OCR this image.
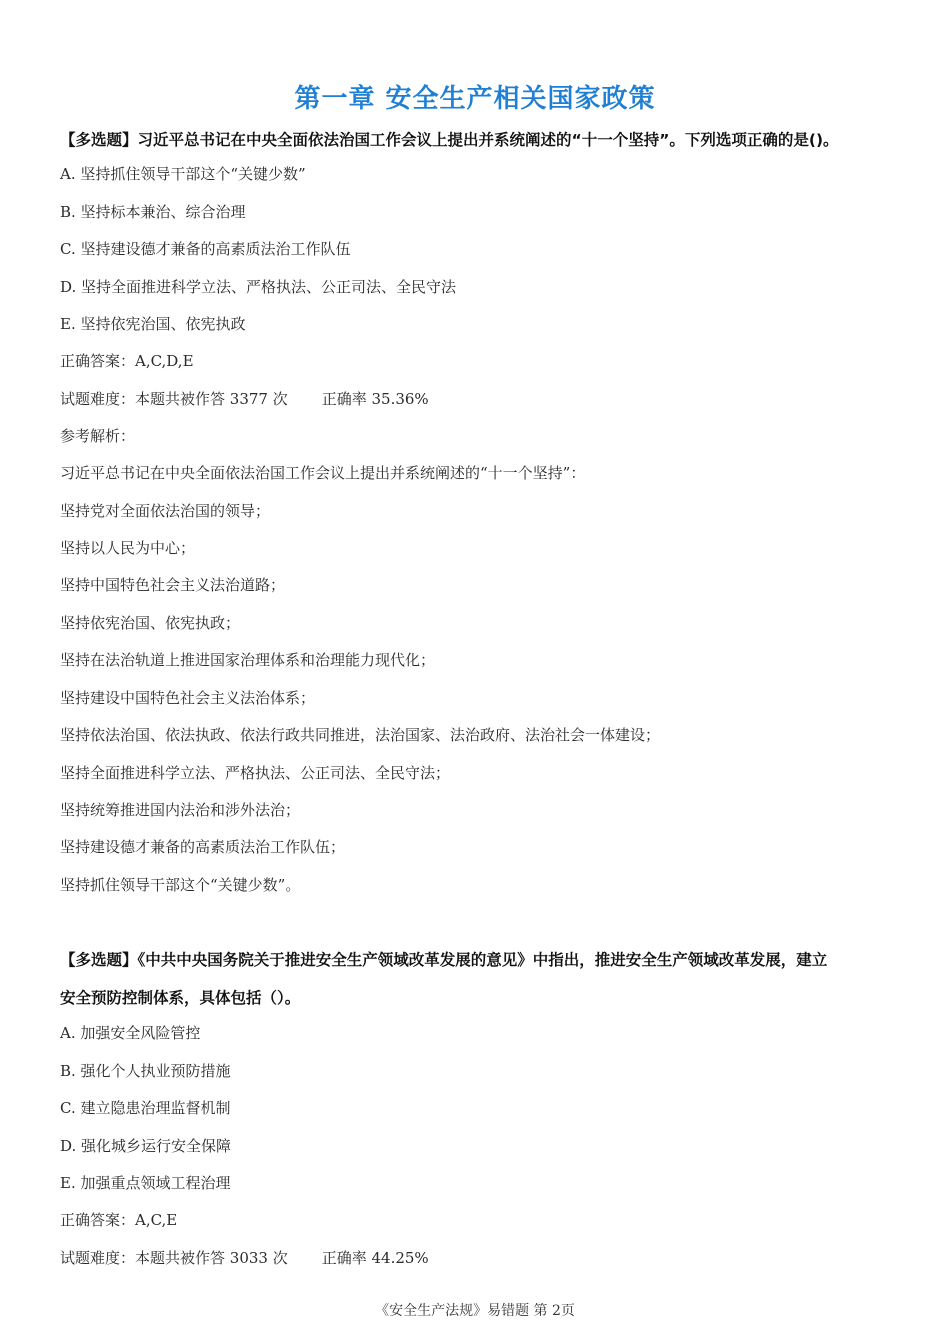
第一章 安全生产相关国家政策
【多选题】习近平总书记在中央全面依法治国工作会议上提出并系统阐述的“十一个坚持”。下列选项正确的是()。
A. 坚持抓住领导干部这个“关键少数”
B. 坚持标本兼治、综合治理
C. 坚持建设德才兼备的高素质法治工作队伍
D. 坚持全面推进科学立法、严格执法、公正司法、全民守法
E. 坚持依宪治国、依宪执政
正确答案：A,C,D,E
试题难度：本题共被作答 3377 次 正确率 35.36%
参考解析：
习近平总书记在中央全面依法治国工作会议上提出并系统阐述的“十一个坚持”：
坚持党对全面依法治国的领导；
坚持以人民为中心；
坚持中国特色社会主义法治道路；
坚持依宪治国、依宪执政；
坚持在法治轨道上推进国家治理体系和治理能力现代化；
坚持建设中国特色社会主义法治体系；
坚持依法治国、依法执政、依法行政共同推进，法治国家、法治政府、法治社会一体建设；
坚持全面推进科学立法、严格执法、公正司法、全民守法；
坚持统筹推进国内法治和涉外法治；
坚持建设德才兼备的高素质法治工作队伍；
坚持抓住领导干部这个“关键少数”。
【多选题】《中共中央国务院关于推进安全生产领域改革发展的意见》中指出，推进安全生产领域改革发展，建立
安全预防控制体系，具体包括（）。
A. 加强安全风险管控
B. 强化个人执业预防措施
C. 建立隐患治理监督机制
D. 强化城乡运行安全保障
E. 加强重点领域工程治理
正确答案：A,C,E
试题难度：本题共被作答 3033 次 正确率 44.25%
《安全生产法规》易错题 第 2页
